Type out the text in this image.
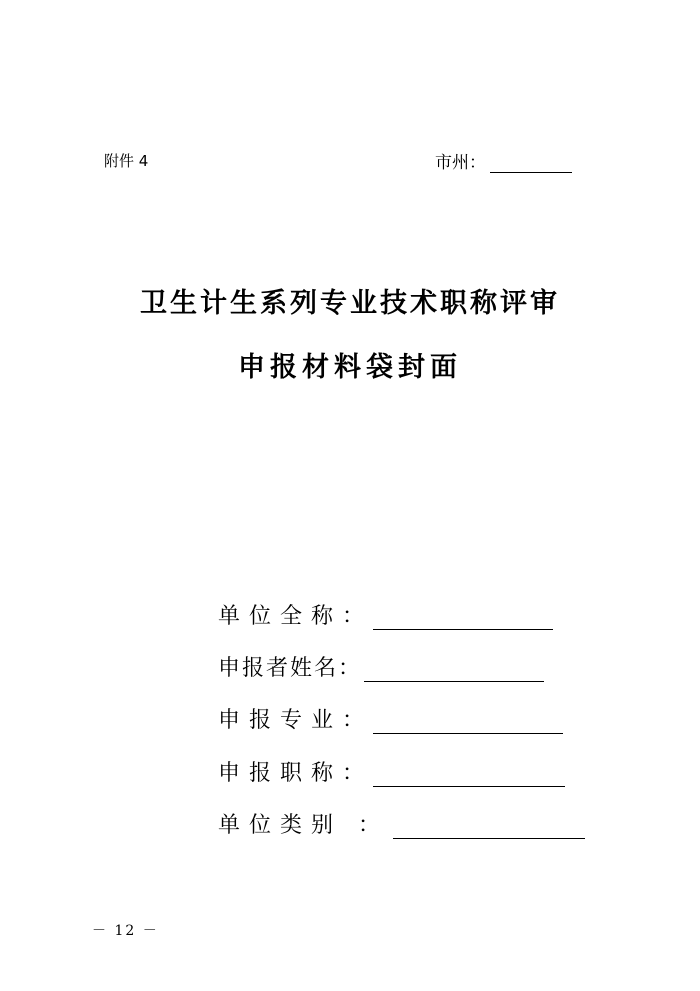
附件 4	市州：
卫生计生系列专业技术职称评审
申报材料袋封面
单位全称：
申报者姓名：
申报专业：
申报职称：
单位类别 ：
－ 12 －
